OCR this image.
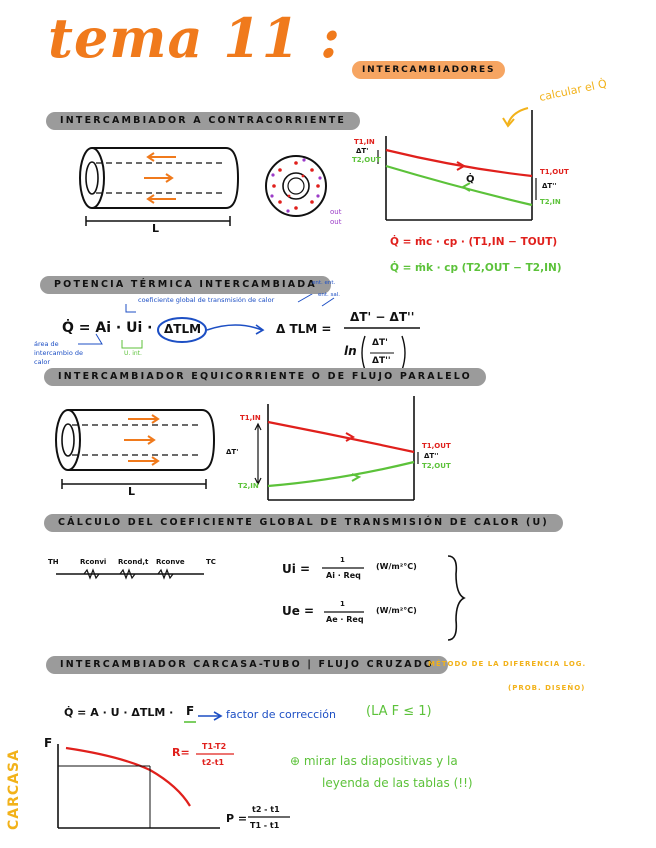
tema 11 :	INTERCAMBIADORES
calcular el Q̇
INTERCAMBIADOR A CONTRACORRIENTE
POTENCIA TÉRMICA INTERCAMBIADA
INTERCAMBIADOR EQUICORRIENTE O DE FLUJO PARALELO
CÁLCULO DEL COEFICIENTE GLOBAL DE TRANSMISIÓN DE CALOR (U)
INTERCAMBIADOR CARCASA-TUBO | FLUJO CRUZADO
L
L
out
out
T1,IN
ΔT'
T2,OUT
T1,OUT
ΔT''
T2,IN
Q̇
Q̇ = ṁc · cp · (T1,IN − TOUT)
Q̇ = ṁk · cp (T2,OUT − T2,IN)
Q̇ = Ai · Ui · ΔTLM	Δ TLM =
ΔT' − ΔT''
ln
ΔT'
ΔT''
coeficiente global de transmisión de calor
área de intercambio de calor
ent. ent.
ent. sal.
U. int.
T1,IN
ΔT'
T1,OUT
ΔT''
T2,OUT
T2,IN
TH	Rconvi Rcond,t Rconve	TC	Ui =
1
Ai · Req
(W/m²°C)
Ue =	1
Ae · Req
(W/m²°C)
MÉTODO DE LA DIFERENCIA LOG.
(PROB. DISEÑO)
Q̇ = A · U · ΔTLM · F	factor de corrección (LA F ≤ 1)
CARCASA
F
R= T1-T2
t2-t1
P =
t2 - t1
T1 - t1
⊕ mirar las diapositivas y la
leyenda de las tablas (!!)
